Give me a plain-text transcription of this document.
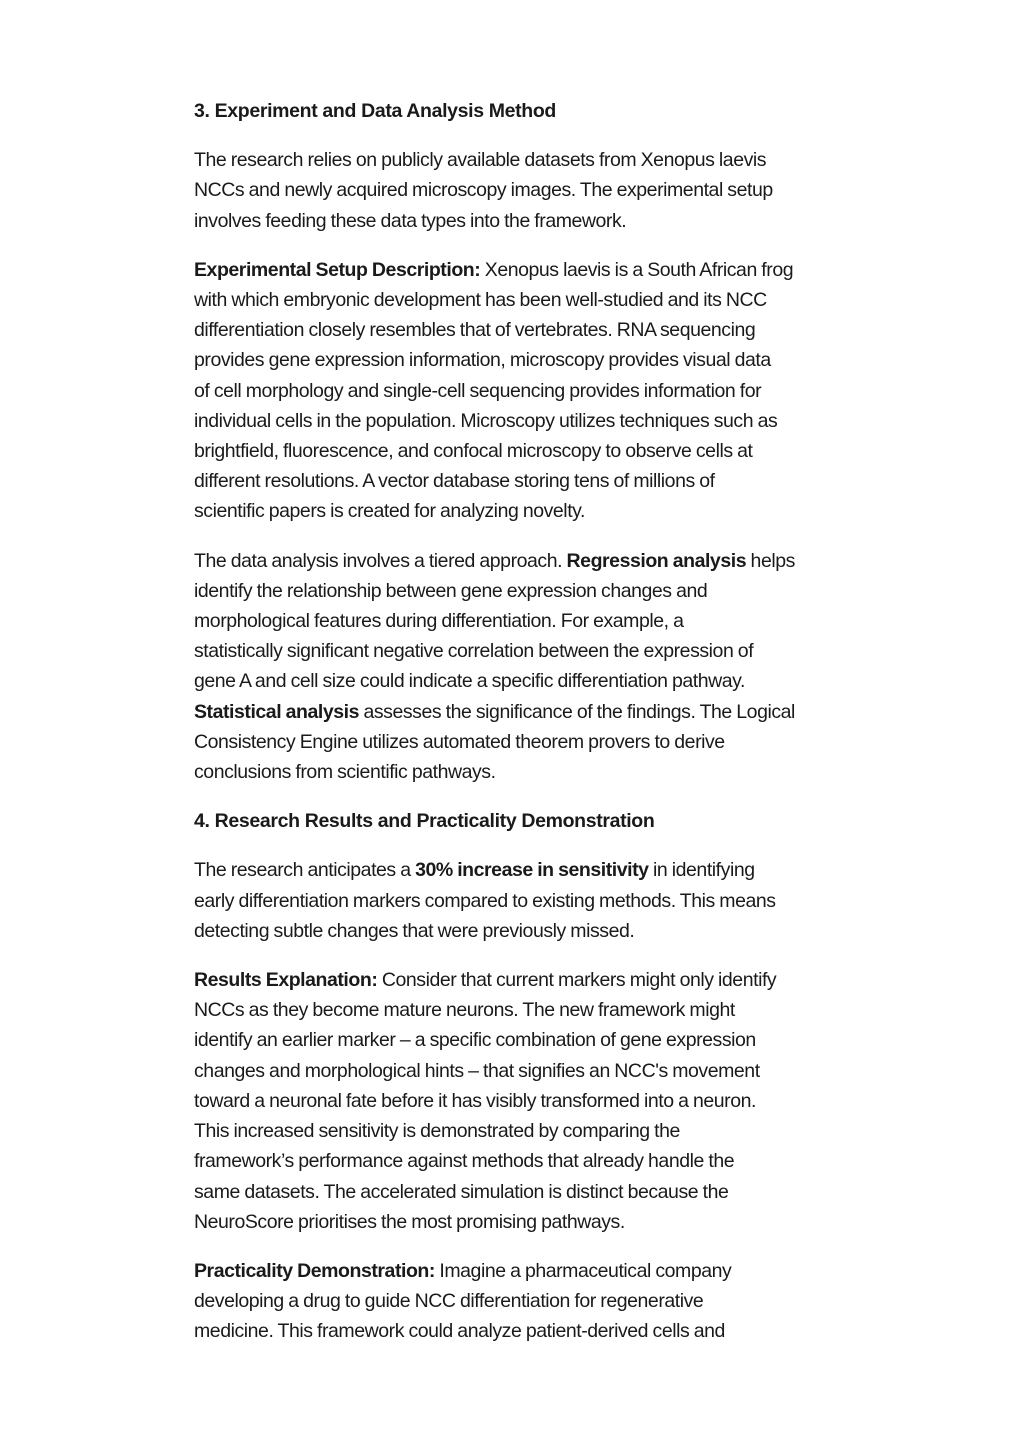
3. Experiment and Data Analysis Method

The research relies on publicly available datasets from Xenopus laevis
NCCs and newly acquired microscopy images. The experimental setup
involves feeding these data types into the framework.

Experimental Setup Description: Xenopus laevis is a South African frog
with which embryonic development has been well-studied and its NCC
differentiation closely resembles that of vertebrates. RNA sequencing
provides gene expression information, microscopy provides visual data
of cell morphology and single-cell sequencing provides information for
individual cells in the population. Microscopy utilizes techniques such as
brightfield, fluorescence, and confocal microscopy to observe cells at
different resolutions. A vector database storing tens of millions of
scientific papers is created for analyzing novelty.

The data analysis involves a tiered approach. Regression analysis helps
identify the relationship between gene expression changes and
morphological features during differentiation. For example, a
statistically significant negative correlation between the expression of
gene A and cell size could indicate a specific differentiation pathway.
Statistical analysis assesses the significance of the findings. The Logical
Consistency Engine utilizes automated theorem provers to derive
conclusions from scientific pathways.

4. Research Results and Practicality Demonstration

The research anticipates a 30% increase in sensitivity in identifying
early differentiation markers compared to existing methods. This means
detecting subtle changes that were previously missed.

Results Explanation: Consider that current markers might only identify
NCCs as they become mature neurons. The new framework might
identify an earlier marker – a specific combination of gene expression
changes and morphological hints – that signifies an NCC's movement
toward a neuronal fate before it has visibly transformed into a neuron.
This increased sensitivity is demonstrated by comparing the
framework’s performance against methods that already handle the
same datasets. The accelerated simulation is distinct because the
NeuroScore prioritises the most promising pathways.

Practicality Demonstration: Imagine a pharmaceutical company
developing a drug to guide NCC differentiation for regenerative
medicine. This framework could analyze patient-derived cells and
